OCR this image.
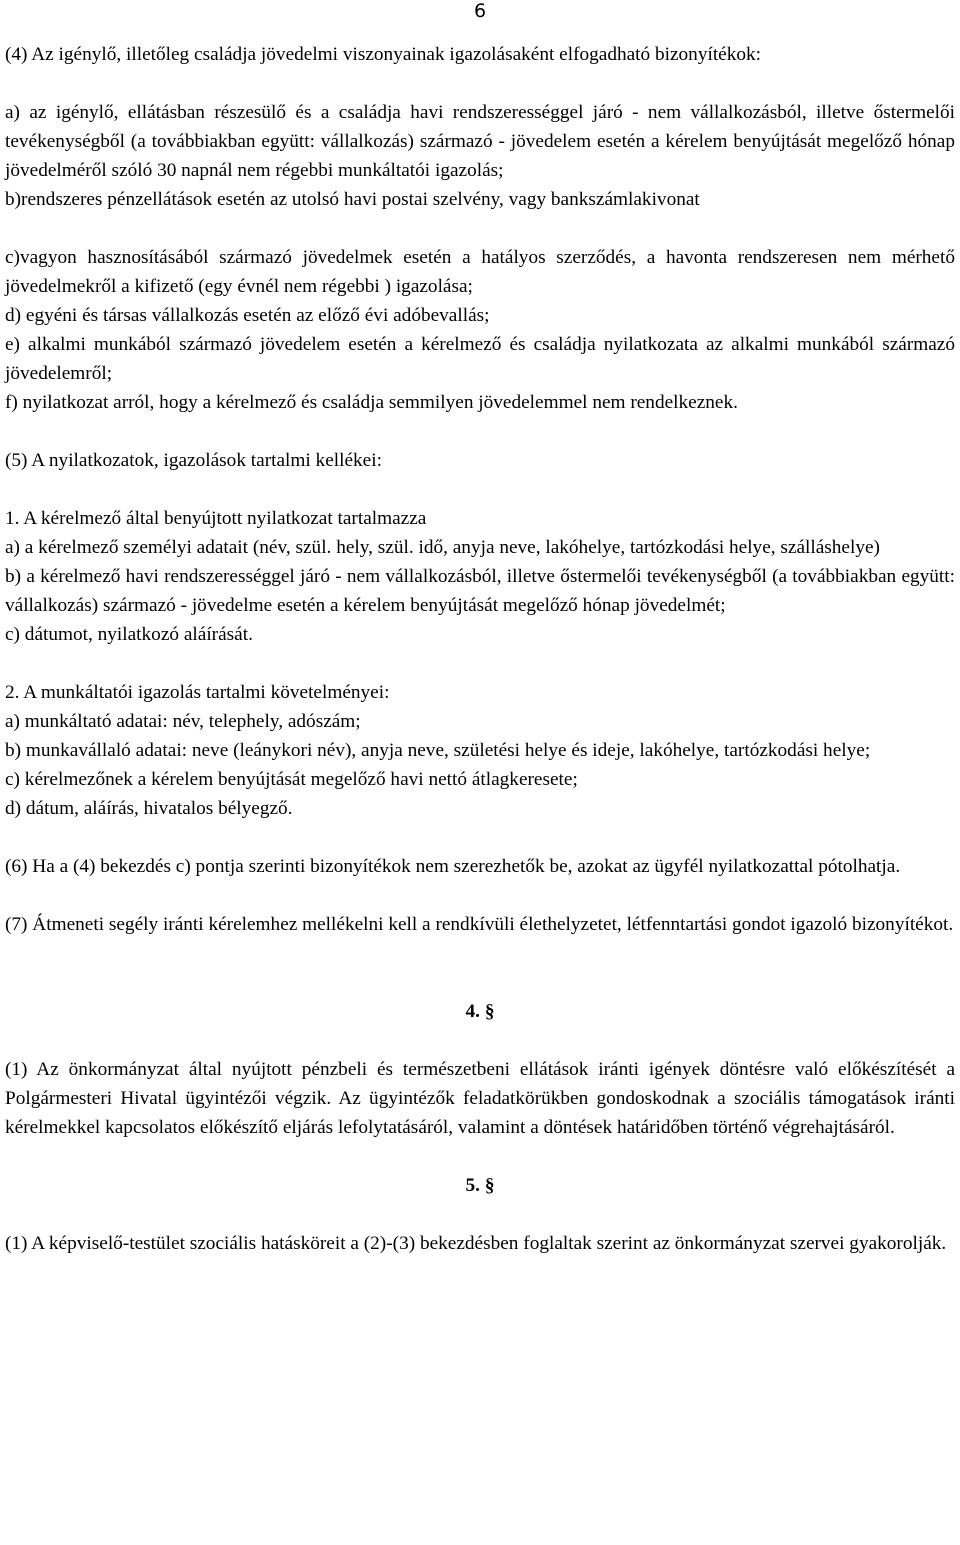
6

(4) Az igénylő, illetőleg családja jövedelmi viszonyainak igazolásaként elfogadható bizonyítékok:

a) az igénylő, ellátásban részesülő és a családja havi rendszerességgel járó - nem vállalkozásból, illetve őstermelői tevékenységből (a továbbiakban együtt: vállalkozás) származó - jövedelem esetén a kérelem benyújtását megelőző hónap jövedelméről szóló 30 napnál nem régebbi munkáltatói igazolás;

b)rendszeres pénzellátások esetén az utolsó havi postai szelvény, vagy bankszámlakivonat

c)vagyon hasznosításából származó jövedelmek esetén a hatályos szerződés, a havonta rendszeresen nem mérhető jövedelmekről a kifizető (egy évnél nem régebbi ) igazolása;

d) egyéni és társas vállalkozás esetén az előző évi adóbevallás;

e) alkalmi munkából származó jövedelem esetén a kérelmező és családja nyilatkozata az alkalmi munkából származó jövedelemről;

f) nyilatkozat arról, hogy a kérelmező és családja semmilyen jövedelemmel nem rendelkeznek.

(5) A nyilatkozatok, igazolások tartalmi kellékei:

1. A kérelmező által benyújtott nyilatkozat tartalmazza

a) a kérelmező személyi adatait (név, szül. hely, szül. idő, anyja neve, lakóhelye, tartózkodási helye, szálláshelye)

b) a kérelmező havi rendszerességgel járó - nem vállalkozásból, illetve őstermelői tevékenységből (a továbbiakban együtt: vállalkozás) származó - jövedelme esetén a kérelem benyújtását megelőző hónap jövedelmét;

c) dátumot, nyilatkozó aláírását.

2. A munkáltatói igazolás tartalmi követelményei:

a) munkáltató adatai: név, telephely, adószám;

b) munkavállaló adatai: neve (leánykori név), anyja neve, születési helye és ideje, lakóhelye, tartózkodási helye;

c) kérelmezőnek a kérelem benyújtását megelőző havi nettó átlagkeresete;

d) dátum, aláírás, hivatalos bélyegző.

(6) Ha a (4) bekezdés c) pontja szerinti bizonyítékok nem szerezhetők be, azokat az ügyfél nyilatkozattal pótolhatja.

(7) Átmeneti segély iránti kérelemhez mellékelni kell a rendkívüli élethelyzetet, létfenntartási gondot igazoló bizonyítékot.

4. §

(1) Az önkormányzat által nyújtott pénzbeli és természetbeni ellátások iránti igények döntésre való előkészítését a Polgármesteri Hivatal ügyintézői végzik. Az ügyintézők feladatkörükben gondoskodnak a szociális támogatások iránti kérelmekkel kapcsolatos előkészítő eljárás lefolytatásáról, valamint a döntések határidőben történő végrehajtásáról.

5. §

(1) A képviselő-testület szociális hatásköreit a (2)-(3) bekezdésben foglaltak szerint az önkormányzat szervei gyakorolják.
